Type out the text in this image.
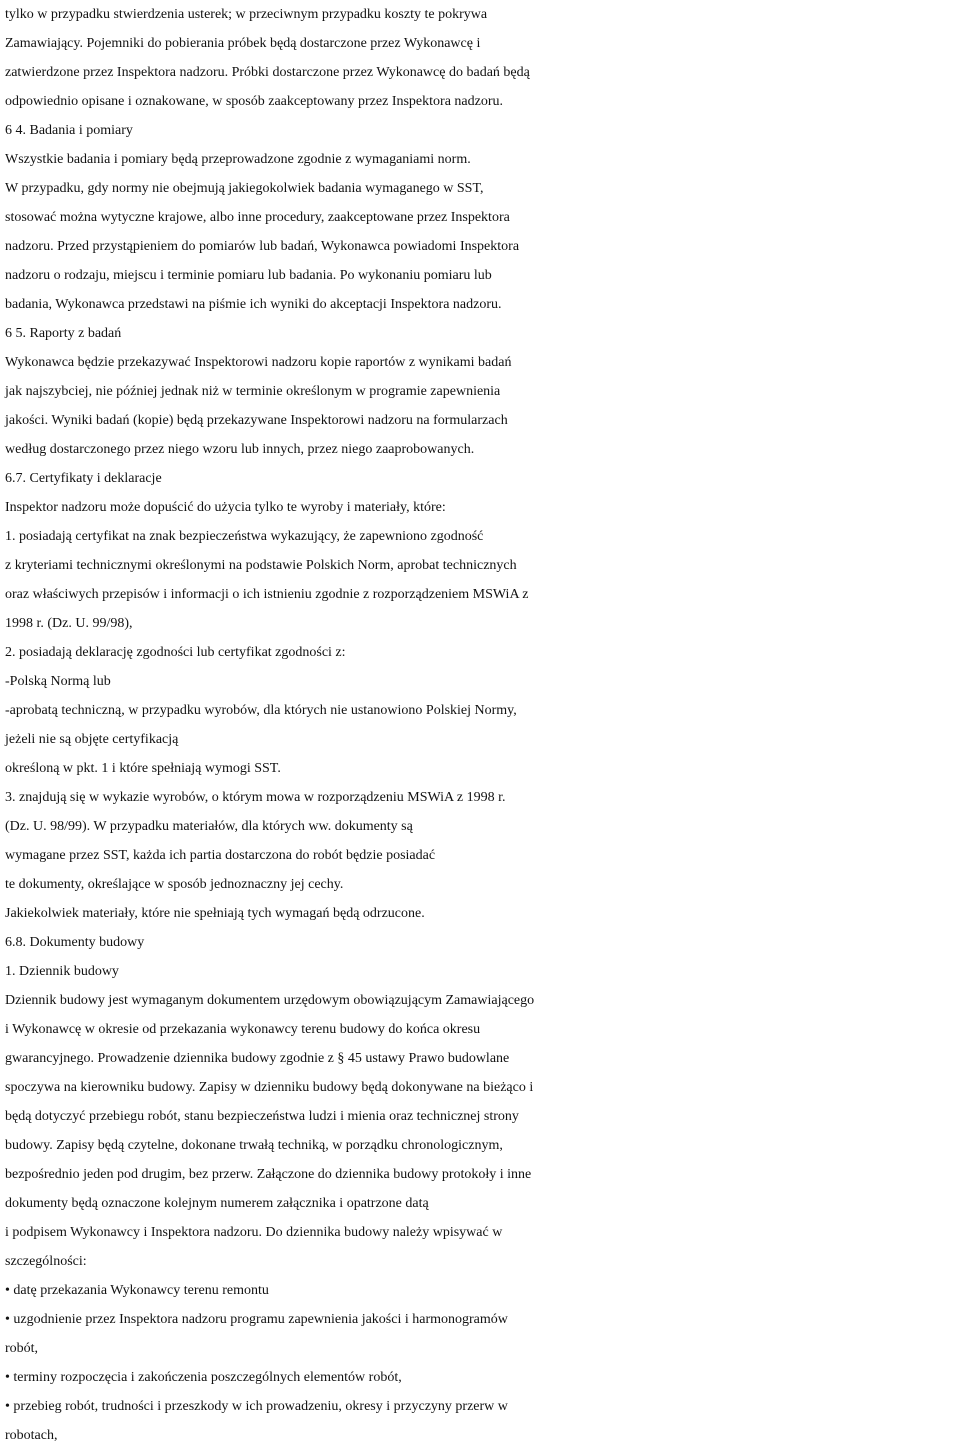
tylko w przypadku stwierdzenia usterek; w przeciwnym przypadku koszty te pokrywa
Zamawiający. Pojemniki do pobierania próbek będą dostarczone przez Wykonawcę i
zatwierdzone przez Inspektora nadzoru. Próbki dostarczone przez Wykonawcę do badań będą
odpowiednio opisane i oznakowane, w sposób zaakceptowany przez Inspektora nadzoru.
6 4. Badania i pomiary
Wszystkie badania i pomiary będą przeprowadzone zgodnie z wymaganiami norm.
W przypadku, gdy normy nie obejmują jakiegokolwiek badania wymaganego w SST,
stosować można wytyczne krajowe, albo inne procedury, zaakceptowane przez Inspektora
nadzoru. Przed przystąpieniem do pomiarów lub badań, Wykonawca powiadomi Inspektora
nadzoru o rodzaju, miejscu i terminie pomiaru lub badania. Po wykonaniu pomiaru lub
badania, Wykonawca przedstawi na piśmie ich wyniki do akceptacji Inspektora nadzoru.
6 5. Raporty z badań
Wykonawca będzie przekazywać Inspektorowi nadzoru kopie raportów z wynikami badań
jak najszybciej, nie później jednak niż w terminie określonym w programie zapewnienia
jakości. Wyniki badań (kopie) będą przekazywane Inspektorowi nadzoru na formularzach
według dostarczonego przez niego wzoru lub innych, przez niego zaaprobowanych.
6.7. Certyfikaty i deklaracje
Inspektor nadzoru może dopuścić do użycia tylko te wyroby i materiały, które:
1. posiadają certyfikat na znak bezpieczeństwa wykazujący, że zapewniono zgodność
z kryteriami technicznymi określonymi na podstawie Polskich Norm, aprobat technicznych
oraz właściwych przepisów i informacji o ich istnieniu zgodnie z rozporządzeniem MSWiA z
1998 r. (Dz. U. 99/98),
2. posiadają deklarację zgodności lub certyfikat zgodności z:
-Polską Normą lub
-aprobatą techniczną, w przypadku wyrobów, dla których nie ustanowiono Polskiej Normy,
jeżeli nie są objęte certyfikacją
określoną w pkt. 1 i które spełniają wymogi SST.
3. znajdują się w wykazie wyrobów, o którym mowa w rozporządzeniu MSWiA z 1998 r.
(Dz. U. 98/99). W przypadku materiałów, dla których ww. dokumenty są
wymagane przez SST, każda ich partia dostarczona do robót będzie posiadać
te dokumenty, określające w sposób jednoznaczny jej cechy.
Jakiekolwiek materiały, które nie spełniają tych wymagań będą odrzucone.
6.8. Dokumenty budowy
1. Dziennik budowy
Dziennik budowy jest wymaganym dokumentem urzędowym obowiązującym Zamawiającego
i Wykonawcę w okresie od przekazania wykonawcy terenu budowy do końca okresu
gwarancyjnego. Prowadzenie dziennika budowy zgodnie z § 45 ustawy Prawo budowlane
spoczywa na kierowniku budowy. Zapisy w dzienniku budowy będą dokonywane na bieżąco i
będą dotyczyć przebiegu robót, stanu bezpieczeństwa ludzi i mienia oraz technicznej strony
budowy. Zapisy będą czytelne, dokonane trwałą techniką, w porządku chronologicznym,
bezpośrednio jeden pod drugim, bez przerw. Załączone do dziennika budowy protokoły i inne
dokumenty będą oznaczone kolejnym numerem załącznika i opatrzone datą
i podpisem Wykonawcy i Inspektora nadzoru. Do dziennika budowy należy wpisywać w
szczególności:
• datę przekazania Wykonawcy terenu remontu
• uzgodnienie przez Inspektora nadzoru programu zapewnienia jakości i harmonogramów
robót,
• terminy rozpoczęcia i zakończenia poszczególnych elementów robót,
• przebieg robót, trudności i przeszkody w ich prowadzeniu, okresy i przyczyny przerw w
robotach,
